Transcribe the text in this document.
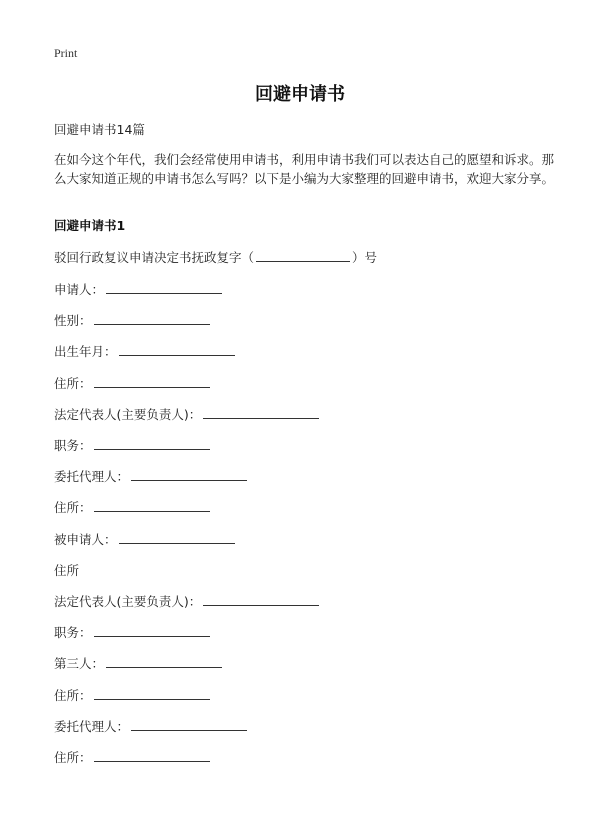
Print
回避申请书
回避申请书14篇

在如今这个年代，我们会经常使用申请书，利用申请书我们可以表达自己的愿望和诉求。那么大家知道正规的申请书怎么写吗？以下是小编为大家整理的回避申请书，欢迎大家分享。

回避申请书1
驳回行政复议申请决定书抚政复字（	）号
申请人：
性别：
出生年月：
住所：
法定代表人(主要负责人)：
职务：
委托代理人：
住所：
被申请人：
住所
法定代表人(主要负责人)：
职务：
第三人：
住所：
委托代理人：
住所：
